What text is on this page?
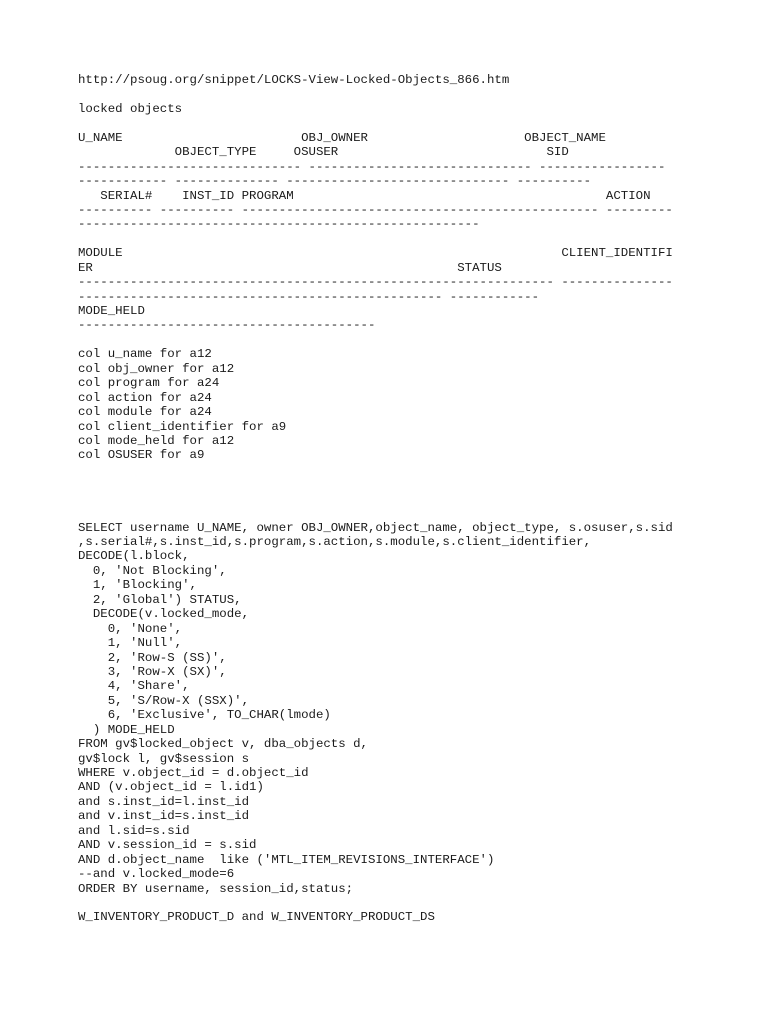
http://psoug.org/snippet/LOCKS-View-Locked-Objects_866.htm
locked objects
U_NAME                        OBJ_OWNER                     OBJECT_NAME
OBJECT_TYPE     OSUSER                            SID
------------------------------ ------------------------------ -----------------
------------ -------------- ------------------------------ ----------
SERIAL#    INST_ID PROGRAM                                          ACTION
---------- ---------- ------------------------------------------------ ---------
------------------------------------------------------
MODULE                                                           CLIENT_IDENTIFI
ER                                                 STATUS
---------------------------------------------------------------- ---------------
------------------------------------------------- ------------
MODE_HELD
----------------------------------------
col u_name for a12
col obj_owner for a12
col program for a24
col action for a24
col module for a24
col client_identifier for a9
col mode_held for a12
col OSUSER for a9
SELECT username U_NAME, owner OBJ_OWNER,object_name, object_type, s.osuser,s.sid
,s.serial#,s.inst_id,s.program,s.action,s.module,s.client_identifier,
DECODE(l.block,
0, 'Not Blocking',
1, 'Blocking',
2, 'Global') STATUS,
DECODE(v.locked_mode,
0, 'None',
1, 'Null',
2, 'Row-S (SS)',
3, 'Row-X (SX)',
4, 'Share',
5, 'S/Row-X (SSX)',
6, 'Exclusive', TO_CHAR(lmode)
) MODE_HELD
FROM gv$locked_object v, dba_objects d,
gv$lock l, gv$session s
WHERE v.object_id = d.object_id
AND (v.object_id = l.id1)
and s.inst_id=l.inst_id
and v.inst_id=s.inst_id
and l.sid=s.sid
AND v.session_id = s.sid
AND d.object_name  like ('MTL_ITEM_REVISIONS_INTERFACE')
--and v.locked_mode=6
ORDER BY username, session_id,status;
W_INVENTORY_PRODUCT_D and W_INVENTORY_PRODUCT_DS
